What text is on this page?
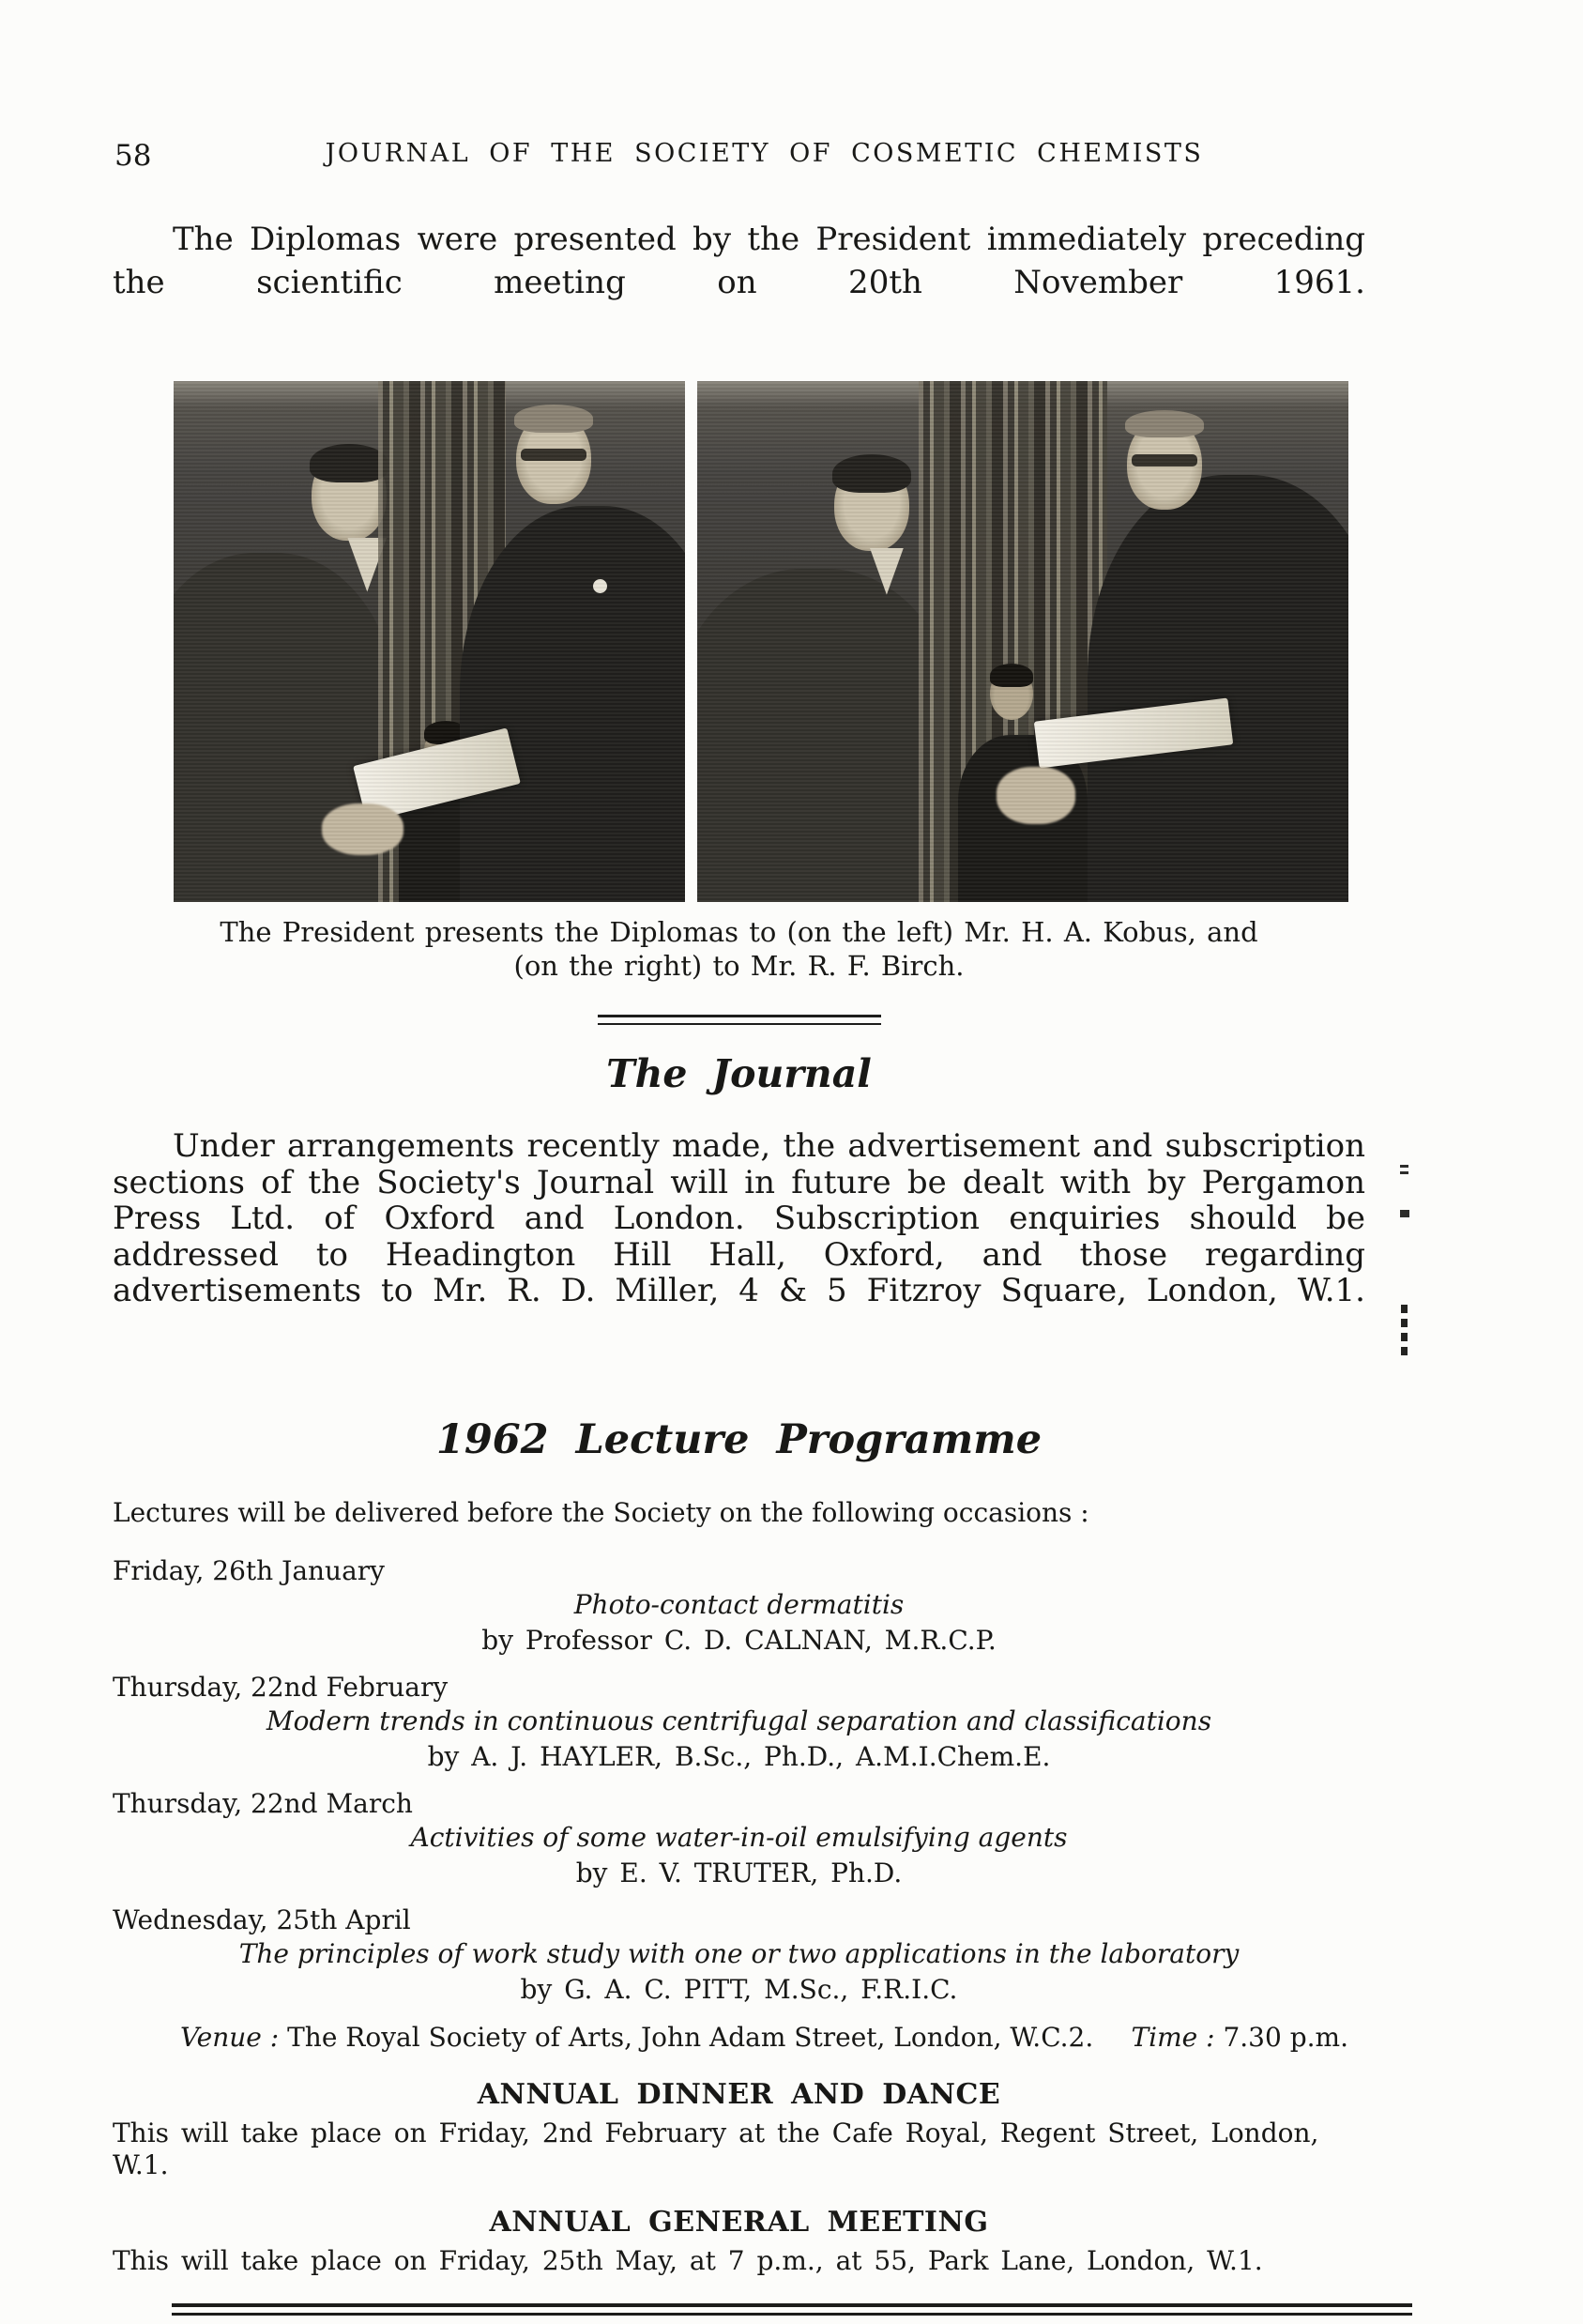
58	JOURNAL OF THE SOCIETY OF COSMETIC CHEMISTS

The Diplomas were presented by the President immediately preceding the scientific meeting on 20th November 1961.

The President presents the Diplomas to (on the left) Mr. H. A. Kobus, and
(on the right) to Mr. R. F. Birch.
The Journal

Under arrangements recently made, the advertisement and subscription sections of the Society's Journal will in future be dealt with by Pergamon Press Ltd. of Oxford and London. Subscription enquiries should be addressed to Headington Hill Hall, Oxford, and those regarding advertisements to Mr. R. D. Miller, 4 & 5 Fitzroy Square, London, W.1.

1962 Lecture Programme

Lectures will be delivered before the Society on the following occasions :

Friday, 26th January
Photo-contact dermatitis
by Professor C. D. CALNAN, M.R.C.P.
Thursday, 22nd February
Modern trends in continuous centrifugal separation and classifications
by A. J. HAYLER, B.Sc., Ph.D., A.M.I.Chem.E.
Thursday, 22nd March
Activities of some water-in-oil emulsifying agents
by E. V. TRUTER, Ph.D.
Wednesday, 25th April
The principles of work study with one or two applications in the laboratory
by G. A. C. PITT, M.Sc., F.R.I.C.
Venue : The Royal Society of Arts, John Adam Street, London, W.C.2. Time : 7.30 p.m.
ANNUAL DINNER AND DANCE
This will take place on Friday, 2nd February at the Cafe Royal, Regent Street, London, W.1.
ANNUAL GENERAL MEETING
This will take place on Friday, 25th May, at 7 p.m., at 55, Park Lane, London, W.1.
